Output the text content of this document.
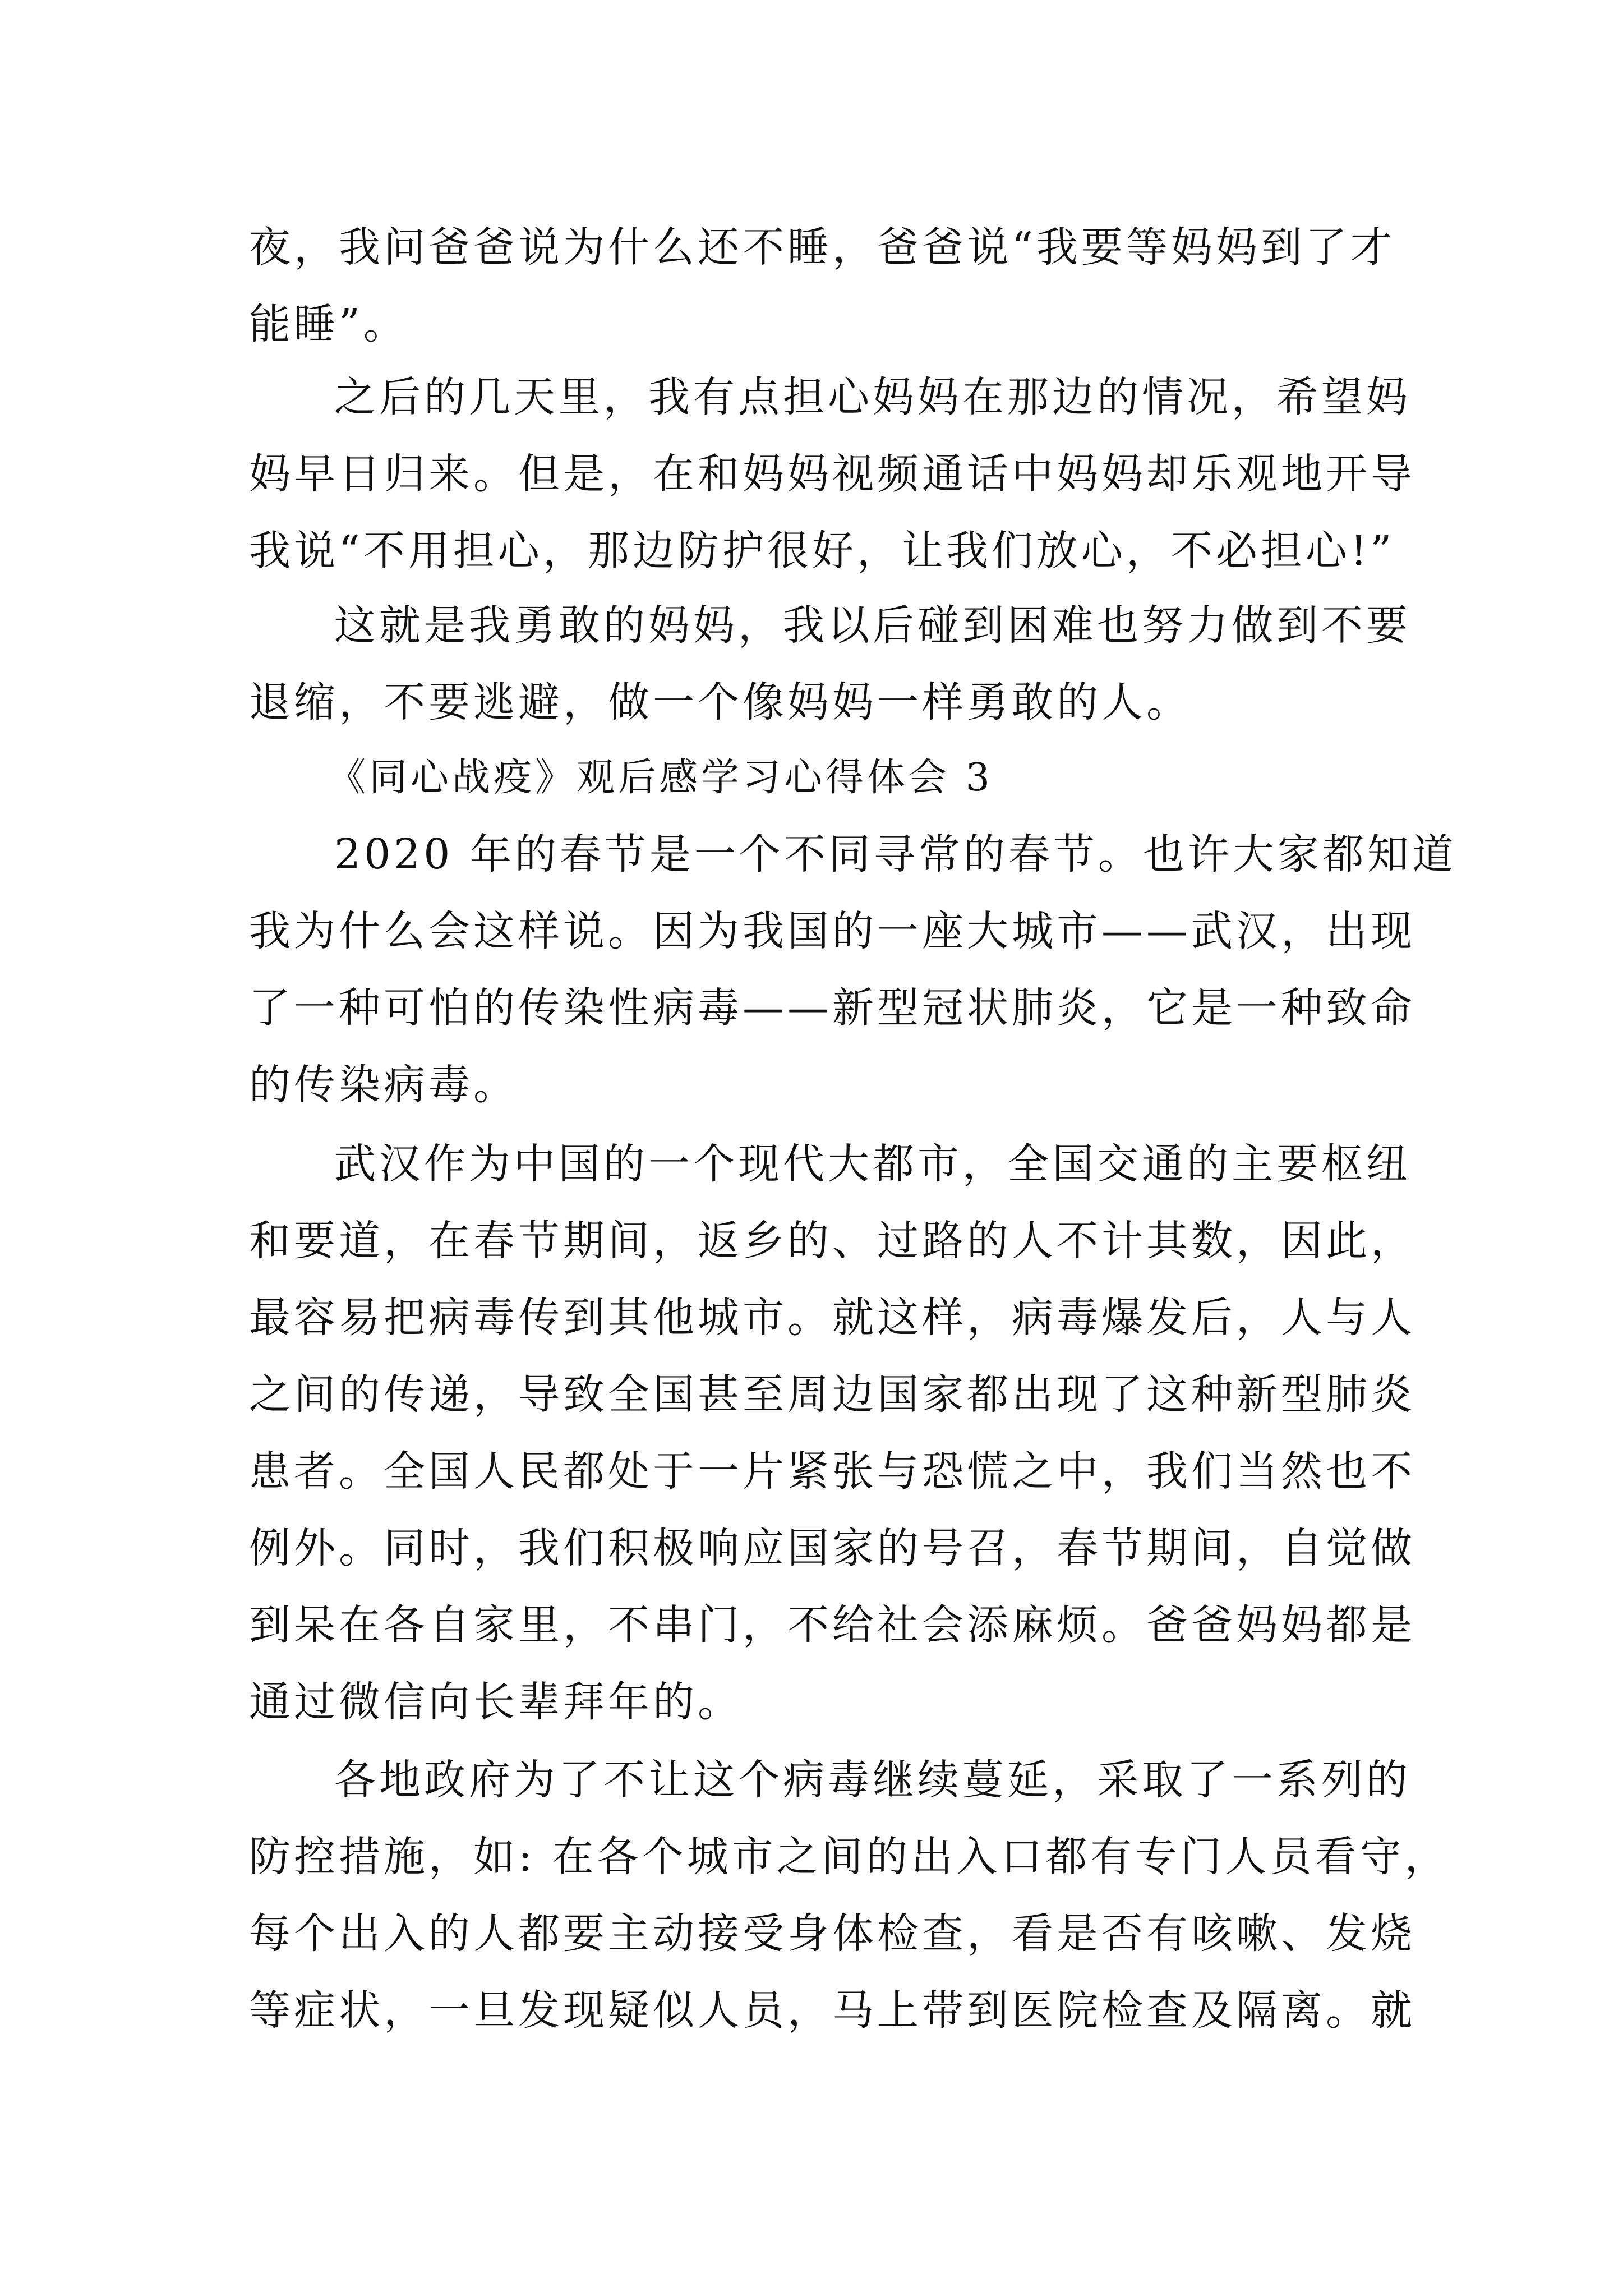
夜，我问爸爸说为什么还不睡，爸爸说“我要等妈妈到了才
能睡”。
之后的几天里，我有点担心妈妈在那边的情况，希望妈
妈早日归来。但是，在和妈妈视频通话中妈妈却乐观地开导
我说“不用担心，那边防护很好，让我们放心，不必担心!”
这就是我勇敢的妈妈，我以后碰到困难也努力做到不要
退缩，不要逃避，做一个像妈妈一样勇敢的人。
《同心战疫》观后感学习心得体会 3
2020 年的春节是一个不同寻常的春节。也许大家都知道
我为什么会这样说。因为我国的一座大城市——武汉，出现
了一种可怕的传染性病毒——新型冠状肺炎，它是一种致命
的传染病毒。
武汉作为中国的一个现代大都市，全国交通的主要枢纽
和要道，在春节期间，返乡的、过路的人不计其数，因此，
最容易把病毒传到其他城市。就这样，病毒爆发后，人与人
之间的传递，导致全国甚至周边国家都出现了这种新型肺炎
患者。全国人民都处于一片紧张与恐慌之中，我们当然也不
例外。同时，我们积极响应国家的号召，春节期间，自觉做
到呆在各自家里，不串门，不给社会添麻烦。爸爸妈妈都是
通过微信向长辈拜年的。
各地政府为了不让这个病毒继续蔓延，采取了一系列的
防控措施，如: 在各个城市之间的出入口都有专门人员看守，
每个出入的人都要主动接受身体检查，看是否有咳嗽、发烧
等症状，一旦发现疑似人员，马上带到医院检查及隔离。就
